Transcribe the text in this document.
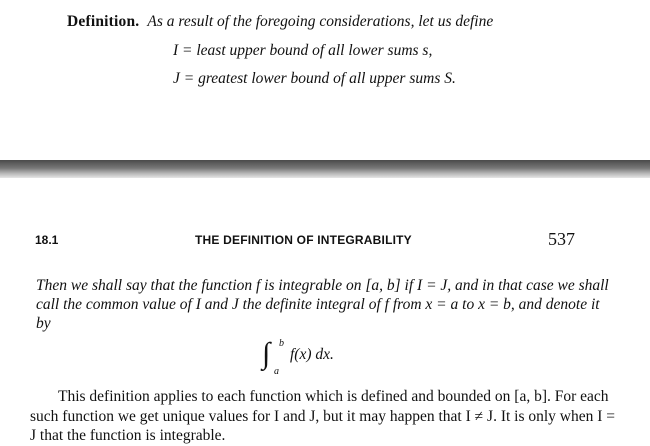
Definition. As a result of the foregoing considerations, let us define
I = least upper bound of all lower sums s,
J = greatest lower bound of all upper sums S.
18.1	THE DEFINITION OF INTEGRABILITY	537
Then we shall say that the function f is integrable on [a, b] if I = J, and in that case we shall call the common value of I and J the definite integral of f from x = a to x = b, and denote it by
∫ b
a
f(x) dx.
This definition applies to each function which is defined and bounded on [a, b]. For each such function we get unique values for I and J, but it may happen that I ≠ J. It is only when I = J that the function is integrable.
